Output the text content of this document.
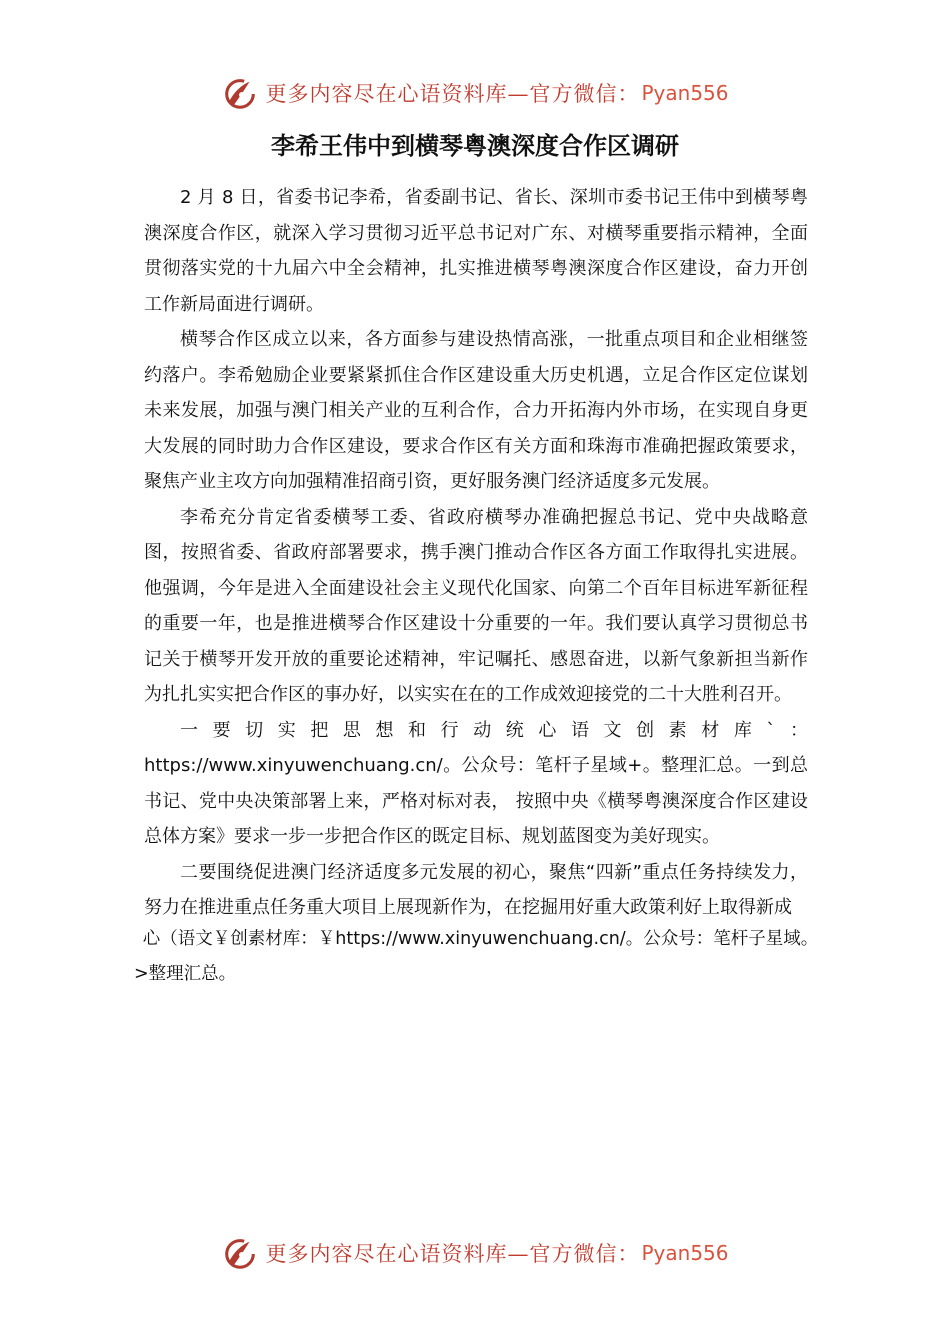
更多内容尽在心语资料库—官方微信： Pyan556
李希王伟中到横琴粤澳深度合作区调研

2 月 8 日，省委书记李希，省委副书记、省长、深圳市委书记王伟中到横琴粤澳深度合作区，就深入学习贯彻习近平总书记对广东、对横琴重要指示精神，全面贯彻落实党的十九届六中全会精神，扎实推进横琴粤澳深度合作区建设，奋力开创工作新局面进行调研。

横琴合作区成立以来，各方面参与建设热情高涨，一批重点项目和企业相继签约落户。李希勉励企业要紧紧抓住合作区建设重大历史机遇，立足合作区定位谋划未来发展，加强与澳门相关产业的互利合作，合力开拓海内外市场，在实现自身更大发展的同时助力合作区建设，要求合作区有关方面和珠海市准确把握政策要求，聚焦产业主攻方向加强精准招商引资，更好服务澳门经济适度多元发展。

李希充分肯定省委横琴工委、省政府横琴办准确把握总书记、党中央战略意图，按照省委、省政府部署要求，携手澳门推动合作区各方面工作取得扎实进展。他强调，今年是进入全面建设社会主义现代化国家、向第二个百年目标进军新征程的重要一年，也是推进横琴合作区建设十分重要的一年。我们要认真学习贯彻总书记关于横琴开发开放的重要论述精神，牢记嘱托、感恩奋进，以新气象新担当新作为扎扎实实把合作区的事办好，以实实在在的工作成效迎接党的二十大胜利召开。

一要切实把思想和行动统心语文创素材库`：https://www.xinyuwenchuang.cn/。公众号：笔杆子星域+。整理汇总。一到总书记、党中央决策部署上来，严格对标对表， 按照中央《横琴粤澳深度合作区建设总体方案》要求一步一步把合作区的既定目标、规划蓝图变为美好现实。

二要围绕促进澳门经济适度多元发展的初心，聚焦“四新”重点任务持续发力，努力在推进重点任务重大项目上展现新作为，在挖掘用好重大政策利好上取得新成

心（语文￥创素材库：￥https://www.xinyuwenchuang.cn/。公众号：笔杆子星域。>整理汇总。
更多内容尽在心语资料库—官方微信： Pyan556
